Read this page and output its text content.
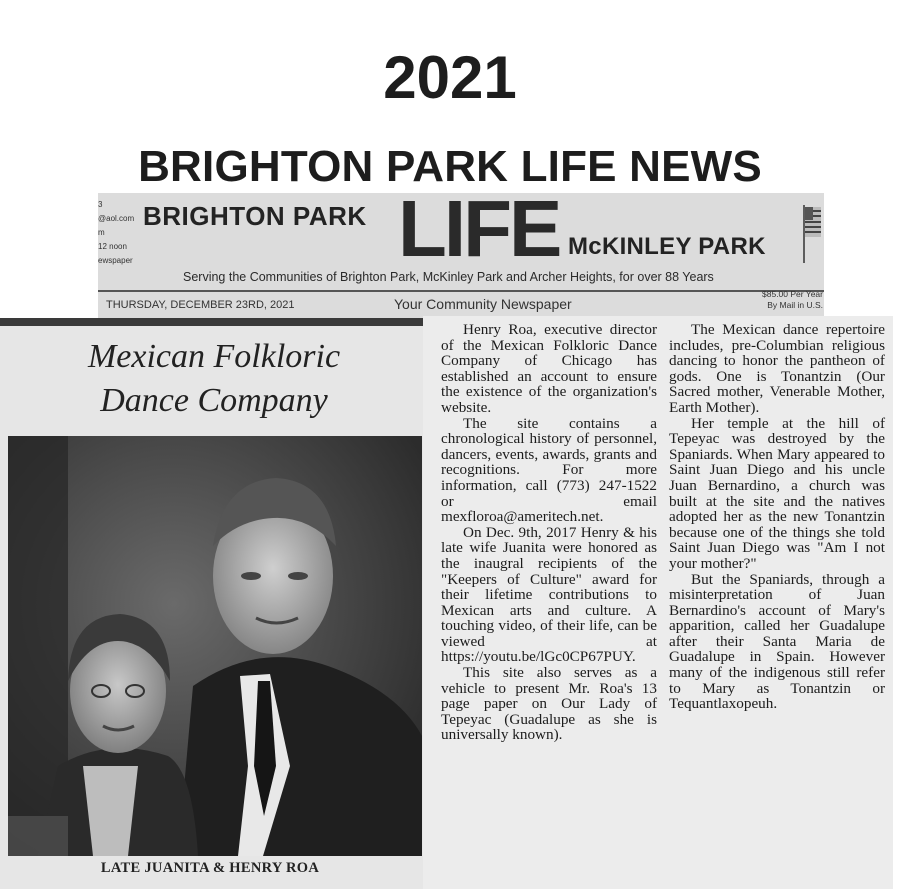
2021
BRIGHTON PARK LIFE NEWS
3
@aol.com
m
12 noon
ewspaper
BRIGHTON PARK LIFE McKINLEY PARK
Serving the Communities of Brighton Park, McKinley Park and Archer Heights, for over 88 Years
THURSDAY, DECEMBER 23RD, 2021	Your Community Newspaper
$85.00 Per Year
By Mail in U.S.
Mexican Folkloric
Dance Company
LATE JUANITA & HENRY ROA

Henry Roa, executive director of the Mexican Folkloric Dance Company of Chicago has established an account to ensure the existence of the organization's website.

The site contains a chronological history of personnel, dancers, events, awards, grants and recognitions. For more information, call (773) 247-1522 or email mexfloroa@ameritech.net.

On Dec. 9th, 2017 Henry & his late wife Juanita were honored as the inaugral recipients of the "Keepers of Culture" award for their lifetime contributions to Mexican arts and culture. A touching video, of their life, can be viewed at https://youtu.be/lGc0CP67PUY.

This site also serves as a vehicle to present Mr. Roa's 13 page paper on Our Lady of Tepeyac (Guadalupe as she is universally known).

The Mexican dance repertoire includes, pre-Columbian religious dancing to honor the pantheon of gods. One is Tonantzin (Our Sacred mother, Venerable Mother, Earth Mother).

Her temple at the hill of Tepeyac was destroyed by the Spaniards. When Mary appeared to Saint Juan Diego and his uncle Juan Bernardino, a church was built at the site and the natives adopted her as the new Tonantzin because one of the things she told Saint Juan Diego was "Am I not your mother?"

But the Spaniards, through a misinterpretation of Juan Bernardino's account of Mary's apparition, called her Guadalupe after their Santa Maria de Guadalupe in Spain. However many of the indigenous still refer to Mary as Tonantzin or Tequantlaxopeuh.
